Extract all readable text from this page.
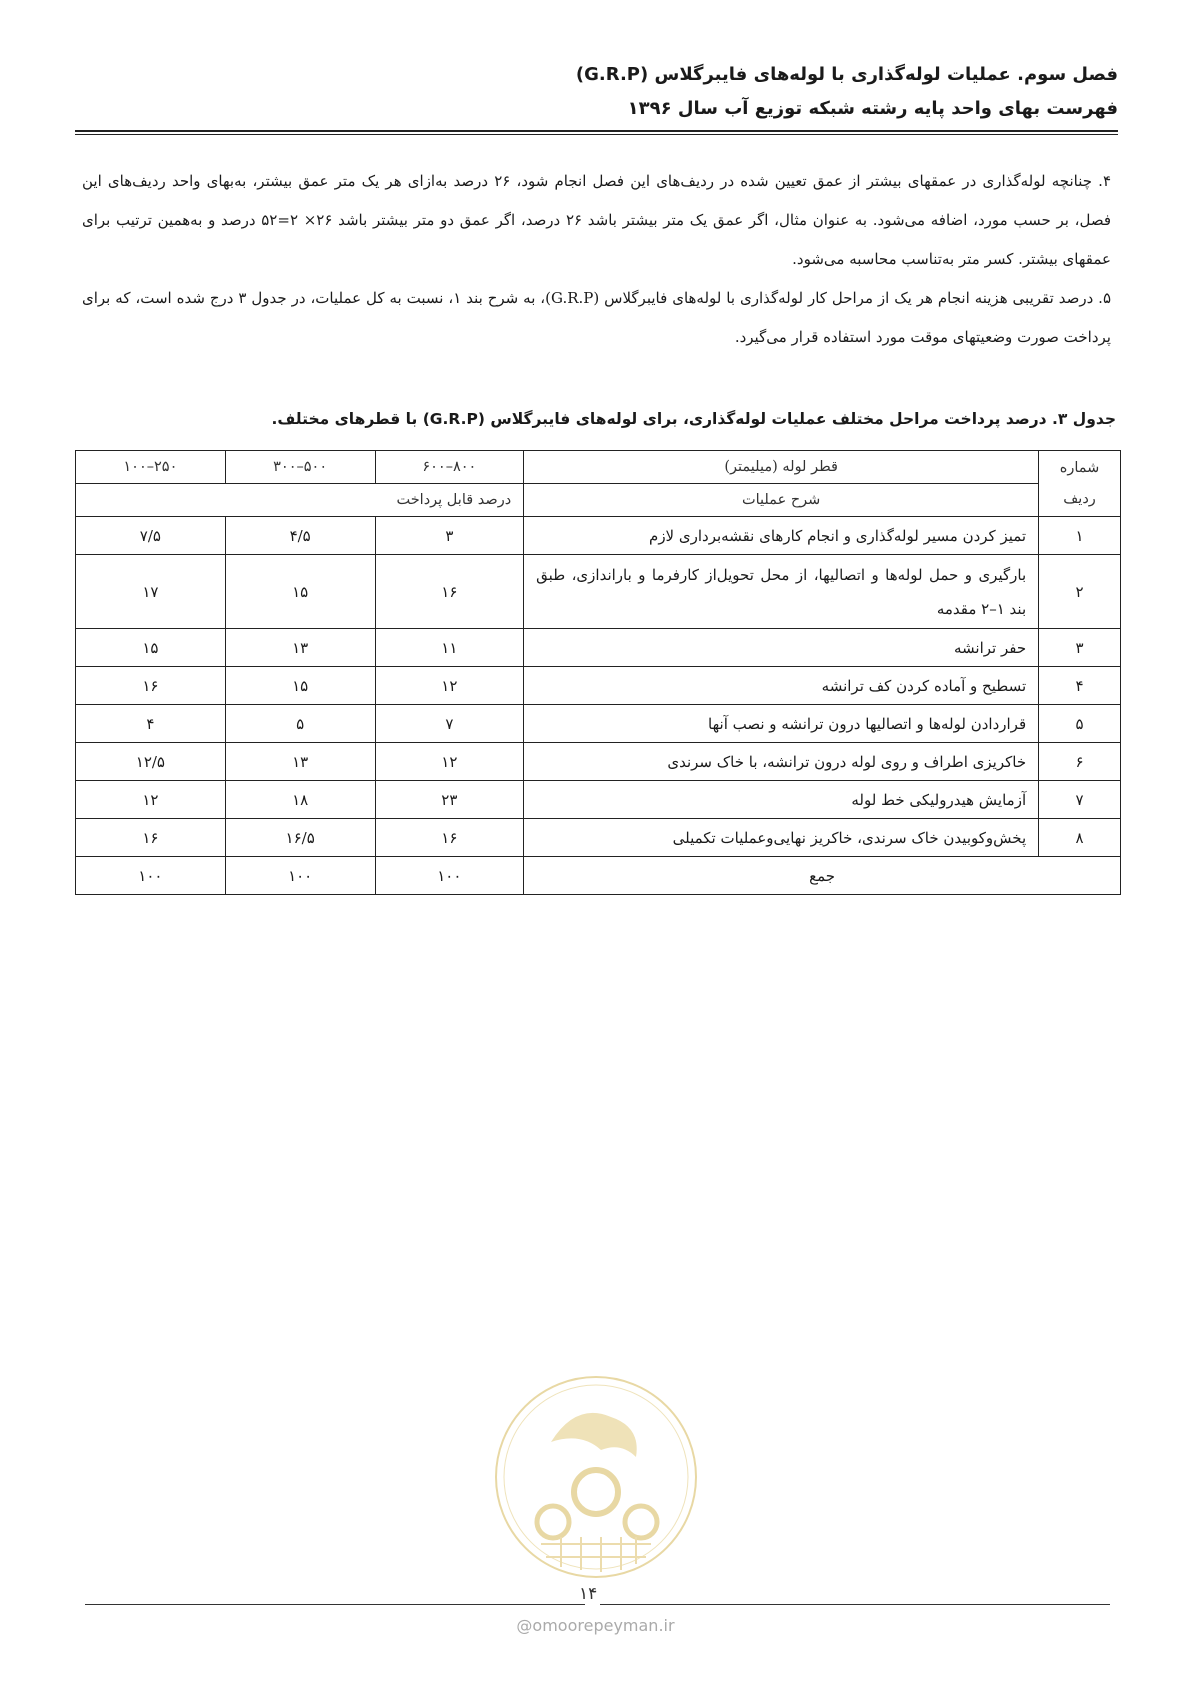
فصل سوم. عملیات لوله‌گذاری با لوله‌های فایبرگلاس (G.R.P)
فهرست بهای واحد پایه رشته شبکه توزیع آب سال ۱۳۹۶
۴. چنانچه لوله‌گذاری در عمقهای بیشتر از عمق تعیین شده در ردیف‌های این فصل انجام شود، ۲۶ درصد به‌ازای هر یک متر عمق بیشتر، به‌بهای واحد ردیف‌های این فصل، بر حسب مورد، اضافه می‌شود. به عنوان مثال، اگر عمق یک متر بیشتر باشد ۲۶ درصد، اگر عمق دو متر بیشتر باشد ۲۶× ۲=۵۲ درصد و به‌همین ترتیب برای عمقهای بیشتر. کسر متر به‌تناسب محاسبه می‌شود.
۵. درصد تقریبی هزینه انجام هر یک از مراحل کار لوله‌گذاری با لوله‌های فایبرگلاس (G.R.P)، به شرح بند ۱، نسبت به کل عملیات، در جدول ۳ درج شده است، که برای پرداخت صورت وضعیتهای موقت مورد استفاده قرار می‌گیرد.
جدول ۳. درصد پرداخت مراحل مختلف عملیات لوله‌گذاری، برای لوله‌های فایبرگلاس (G.R.P) با قطرهای مختلف.
شماره
ردیف	قطر لوله (میلیمتر)	۸۰۰–۶۰۰	۵۰۰–۳۰۰	۲۵۰–۱۰۰
	شرح عملیات	درصد قابل پرداخت		
۱	تمیز کردن مسیر لوله‌گذاری و انجام کارهای نقشه‌برداری لازم	۳	۴/۵	۷/۵
۲	بارگیری و حمل لوله‌ها و اتصالیها، از محل تحویل‌از کارفرما و باراندازی، طبق بند ۱–۲ مقدمه	۱۶	۱۵	۱۷
۳	حفر ترانشه	۱۱	۱۳	۱۵
۴	تسطیح و آماده کردن کف ترانشه	۱۲	۱۵	۱۶
۵	قراردادن لوله‌ها و اتصالیها درون ترانشه و نصب آنها	۷	۵	۴
۶	خاکریزی اطراف و روی لوله درون ترانشه، با خاک سرندی	۱۲	۱۳	۱۲/۵
۷	آزمایش هیدرولیکی خط لوله	۲۳	۱۸	۱۲
۸	پخش‌وکوبیدن خاک سرندی، خاکریز نهایی‌وعملیات تکمیلی	۱۶	۱۶/۵	۱۶
جمع		۱۰۰	۱۰۰	۱۰۰
۱۴
@omoorepeyman.ir
